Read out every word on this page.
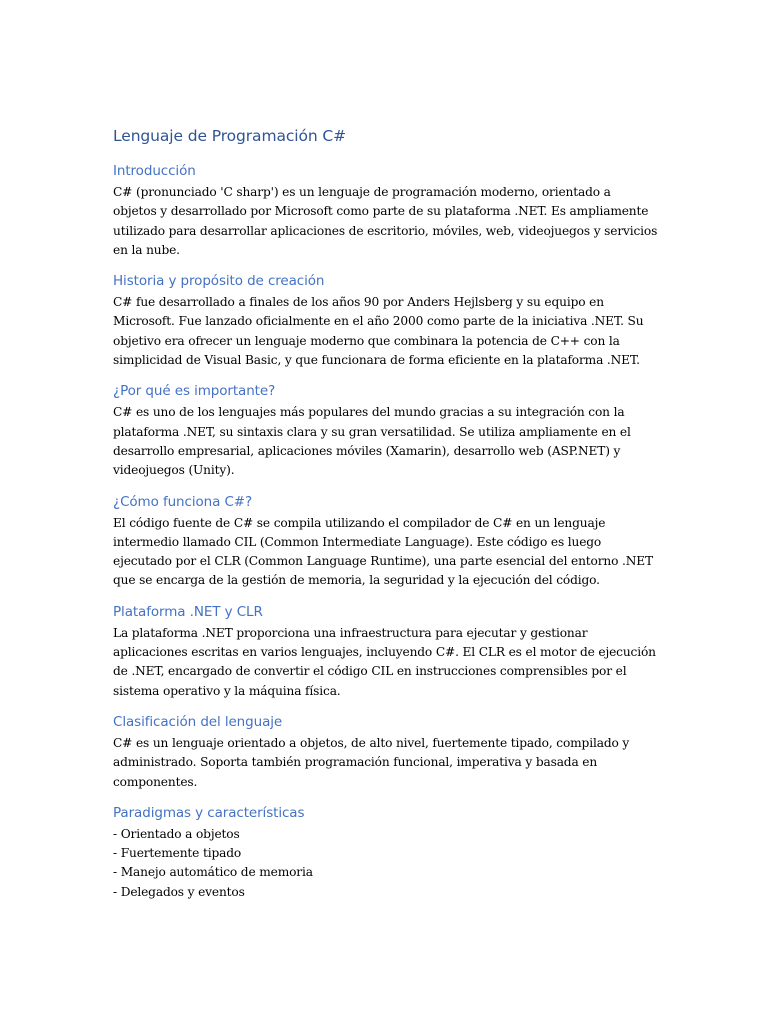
Lenguaje de Programación C#
Introducción

C# (pronunciado 'C sharp') es un lenguaje de programación moderno, orientado a objetos y desarrollado por Microsoft como parte de su plataforma .NET. Es ampliamente utilizado para desarrollar aplicaciones de escritorio, móviles, web, videojuegos y servicios en la nube.

Historia y propósito de creación

C# fue desarrollado a finales de los años 90 por Anders Hejlsberg y su equipo en Microsoft. Fue lanzado oficialmente en el año 2000 como parte de la iniciativa .NET. Su objetivo era ofrecer un lenguaje moderno que combinara la potencia de C++ con la simplicidad de Visual Basic, y que funcionara de forma eficiente en la plataforma .NET.

¿Por qué es importante?

C# es uno de los lenguajes más populares del mundo gracias a su integración con la plataforma .NET, su sintaxis clara y su gran versatilidad. Se utiliza ampliamente en el desarrollo empresarial, aplicaciones móviles (Xamarin), desarrollo web (ASP.NET) y videojuegos (Unity).

¿Cómo funciona C#?

El código fuente de C# se compila utilizando el compilador de C# en un lenguaje intermedio llamado CIL (Common Intermediate Language). Este código es luego ejecutado por el CLR (Common Language Runtime), una parte esencial del entorno .NET que se encarga de la gestión de memoria, la seguridad y la ejecución del código.

Plataforma .NET y CLR

La plataforma .NET proporciona una infraestructura para ejecutar y gestionar aplicaciones escritas en varios lenguajes, incluyendo C#. El CLR es el motor de ejecución de .NET, encargado de convertir el código CIL en instrucciones comprensibles por el sistema operativo y la máquina física.

Clasificación del lenguaje

C# es un lenguaje orientado a objetos, de alto nivel, fuertemente tipado, compilado y administrado. Soporta también programación funcional, imperativa y basada en componentes.

Paradigmas y características
- Orientado a objetos
- Fuertemente tipado
- Manejo automático de memoria
- Delegados y eventos
